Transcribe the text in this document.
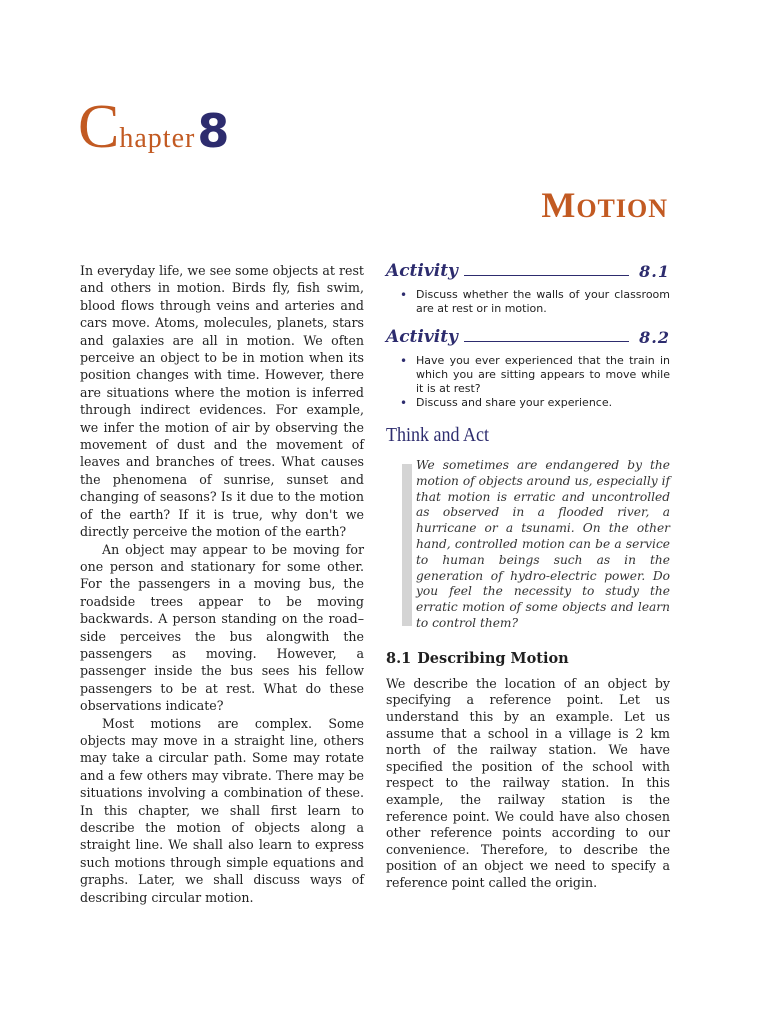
Chapter8
MOTION

In everyday life, we see some objects at rest and others in motion. Birds fly, fish swim, blood flows through veins and arteries and cars move. Atoms, molecules, planets, stars and galaxies are all in motion. We often perceive an object to be in motion when its position changes with time. However, there are situations where the motion is inferred through indirect evidences. For example, we infer the motion of air by observing the movement of dust and the movement of leaves and branches of trees. What causes the phenomena of sunrise, sunset and changing of seasons? Is it due to the motion of the earth? If it is true, why don't we directly perceive the motion of the earth?

An object may appear to be moving for one person and stationary for some other. For the passengers in a moving bus, the roadside trees appear to be moving backwards. A person standing on the road–side perceives the bus alongwith the passengers as moving. However, a passenger inside the bus sees his fellow passengers to be at rest. What do these observations indicate?

Most motions are complex. Some objects may move in a straight line, others may take a circular path. Some may rotate and a few others may vibrate. There may be situations involving a combination of these. In this chapter, we shall first learn to describe the motion of objects along a straight line. We shall also learn to express such motions through simple equations and graphs. Later, we shall discuss ways of describing circular motion.

Activity	8.1
• Discuss whether the walls of your classroom are at rest or in motion.
Activity	8.2
• Have you ever experienced that the train in which you are sitting appears to move while it is at rest?
• Discuss and share your experience.
Think and Act

We sometimes are endangered by the motion of objects around us, especially if that motion is erratic and uncontrolled as observed in a flooded river, a hurricane or a tsunami. On the other hand, controlled motion can be a service to human beings such as in the generation of hydro-electric power. Do you feel the necessity to study the erratic motion of some objects and learn to control them?

8.1 Describing Motion
We describe the location of an object by specifying a reference point. Let us understand this by an example. Let us assume that a school in a village is 2 km north of the railway station. We have specified the position of the school with respect to the railway station. In this example, the railway station is the reference point. We could have also chosen other reference points according to our convenience. Therefore, to describe the position of an object we need to specify a reference point called the origin.
